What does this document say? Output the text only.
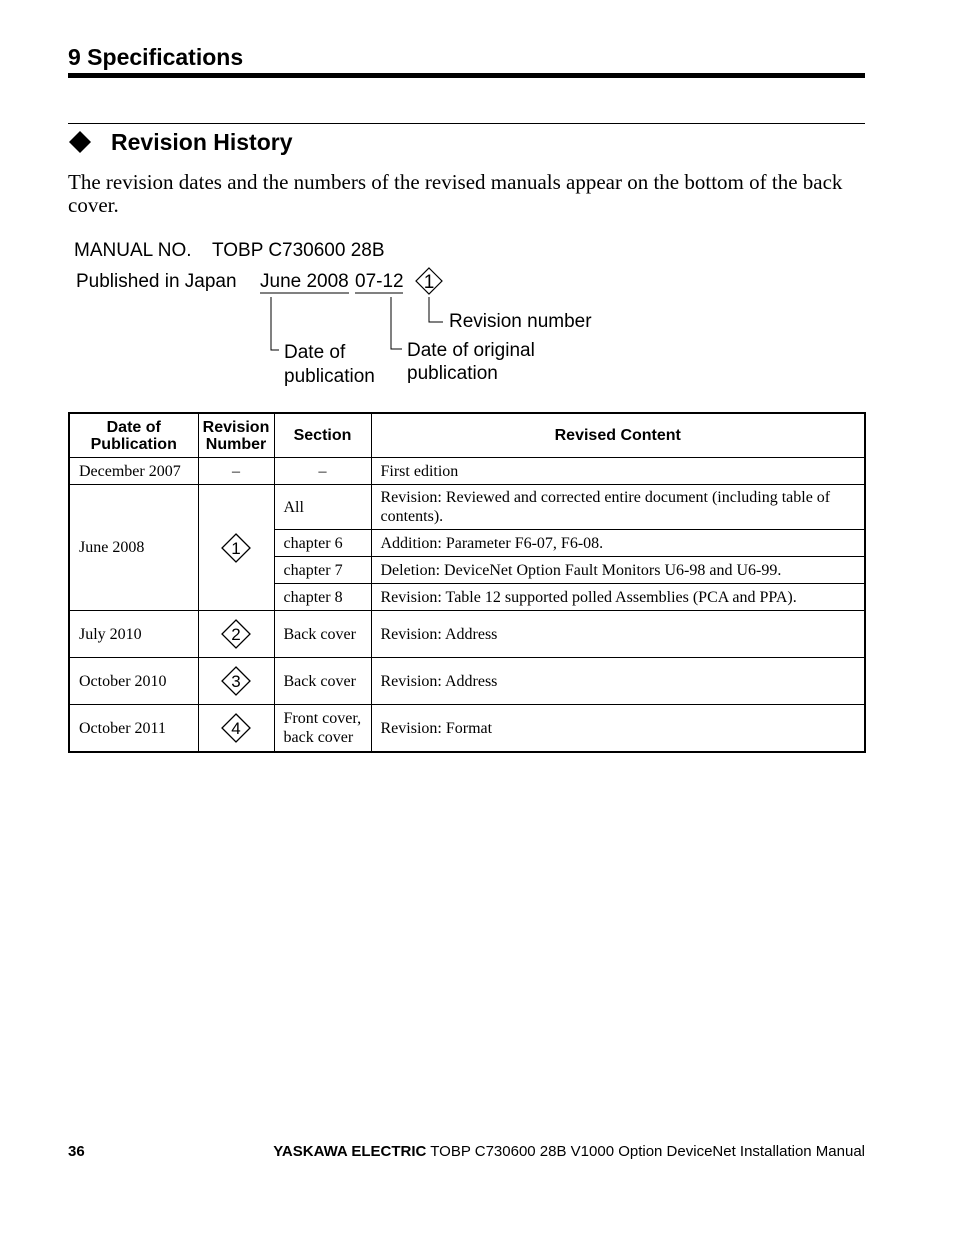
9 Specifications
Revision History
The revision dates and the numbers of the revised manuals appear on the bottom of the back cover.
MANUAL NO. TOBP C730600 28B
Published in Japan June 2008 07-12 1
Revision number
Date of
publication
Date of original
publication
Date of Publication	Revision Number	Section	Revised Content
December 2007	–	–	First edition
June 2008	1	All	Revision: Reviewed and corrected entire document (including table of contents).
		chapter 6	Addition: Parameter F6-07, F6-08.
		chapter 7	Deletion: DeviceNet Option Fault Monitors U6-98 and U6-99.
		chapter 8	Revision: Table 12 supported polled Assemblies (PCA and PPA).
July 2010	2	Back cover	Revision: Address
October 2010	3	Back cover	Revision: Address
October 2011	4	Front cover, back cover	Revision: Format
36	YASKAWA ELECTRIC TOBP C730600 28B V1000 Option DeviceNet Installation Manual
